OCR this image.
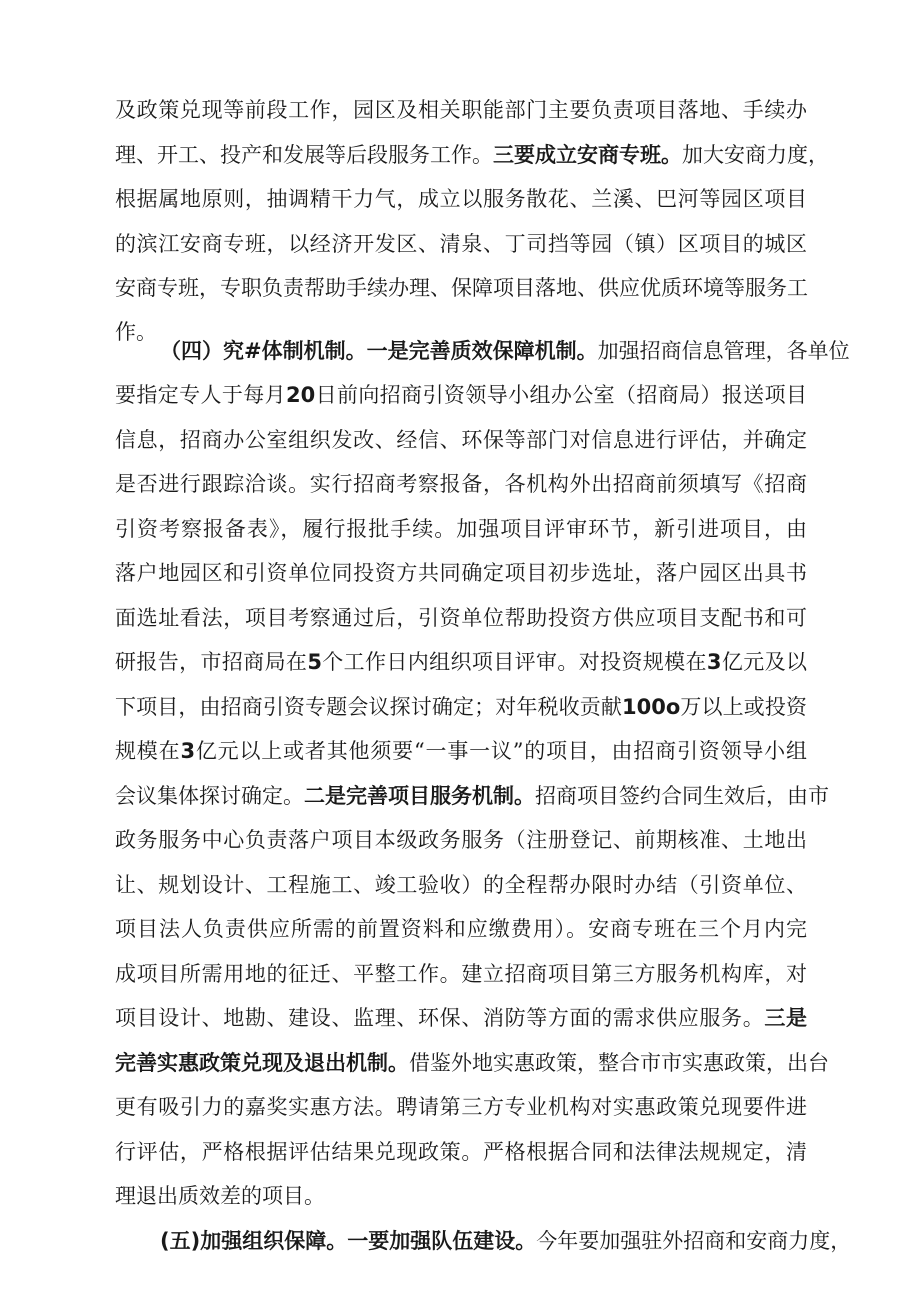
及政策兑现等前段工作，园区及相关职能部门主要负责项目落地、手续办
理、开工、投产和发展等后段服务工作。三要成立安商专班。加大安商力度，
根据属地原则，抽调精干力气，成立以服务散花、兰溪、巴河等园区项目
的滨江安商专班，以经济开发区、清泉、丁司挡等园（镇）区项目的城区
安商专班，专职负责帮助手续办理、保障项目落地、供应优质环境等服务工
作。
（四）究#体制机制。一是完善质效保障机制。加强招商信息管理，各单位
要指定专人于每月20日前向招商引资领导小组办公室（招商局）报送项目
信息，招商办公室组织发改、经信、环保等部门对信息进行评估，并确定
是否进行跟踪洽谈。实行招商考察报备，各机构外出招商前须填写《招商
引资考察报备表》，履行报批手续。加强项目评审环节，新引进项目，由
落户地园区和引资单位同投资方共同确定项目初步选址，落户园区出具书
面选址看法，项目考察通过后，引资单位帮助投资方供应项目支配书和可
研报告，市招商局在5个工作日内组织项目评审。对投资规模在3亿元及以
下项目，由招商引资专题会议探讨确定；对年税收贡献100o万以上或投资
规模在3亿元以上或者其他须要“一事一议”的项目，由招商引资领导小组
会议集体探讨确定。二是完善项目服务机制。招商项目签约合同生效后，由市
政务服务中心负责落户项目本级政务服务（注册登记、前期核准、土地出
让、规划设计、工程施工、竣工验收）的全程帮办限时办结（引资单位、
项目法人负责供应所需的前置资料和应缴费用）。安商专班在三个月内完
成项目所需用地的征迁、平整工作。建立招商项目第三方服务机构库，对
项目设计、地勘、建设、监理、环保、消防等方面的需求供应服务。三是
完善实惠政策兑现及退出机制。借鉴外地实惠政策，整合市市实惠政策，出台
更有吸引力的嘉奖实惠方法。聘请第三方专业机构对实惠政策兑现要件进
行评估，严格根据评估结果兑现政策。严格根据合同和法律法规规定，清
理退出质效差的项目。
(五)加强组织保障。一要加强队伍建设。今年要加强驻外招商和安商力度，
